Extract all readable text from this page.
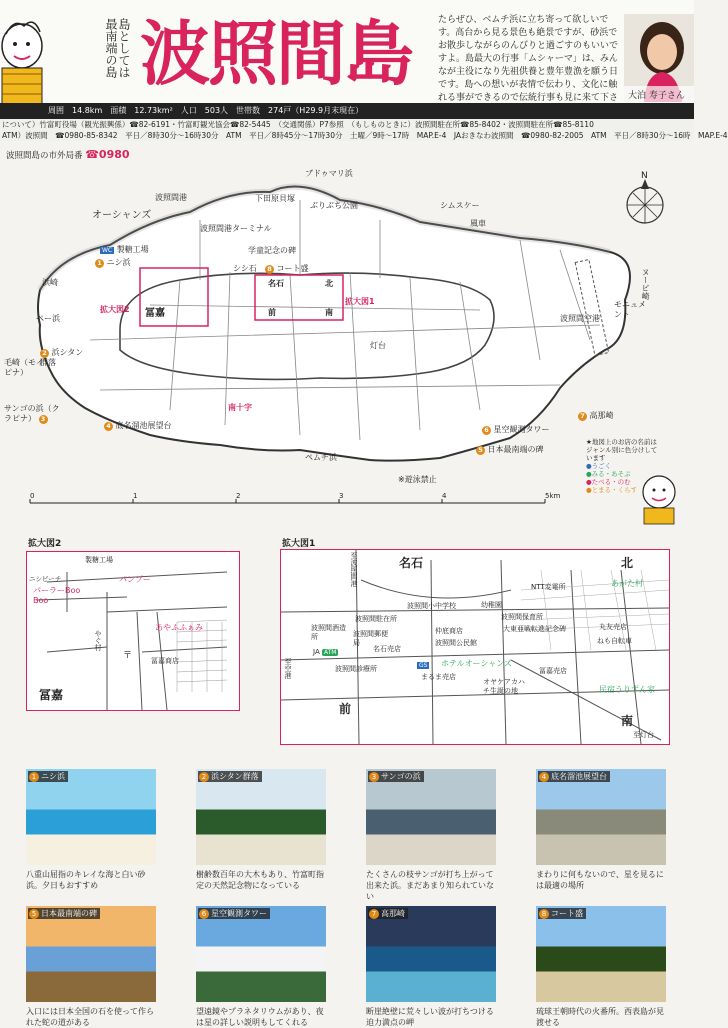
島としては最南端の島 波照間島	たらぜひ、ベムチ浜に立ち寄って欲しいです。高台から見る景色も絶景ですが、砂浜でお散歩しながらのんびりと過ごすのもいいですよ。島最大の行事「ムシャーマ」は、みんなが主役になり先祖供養と豊年豊漁を願う日です。島への想いが表情で伝わり、文化に触れる事ができるので伝統行事も見に来て下さ	大泊 寿子さん
周囲　14.8km　面積　12.73km²　人口　503人　世帯数　274戸（H29.9月末現在）
について）竹富町役場（観光振興係）☎82-6191・竹富町観光協会☎82-5445　（交通関係）P7参照　（もしものときに）波照間駐在所☎85-8402・波照間駐在所☎85-8110
ATM）波照間　☎0980-85-8342　平日／8時30分～16時30分　ATM　平日／8時45分～17時30分　土曜／9時～17時　MAP.E-4　JAおきなわ波照間　☎0980-82-2005　ATM　平日／8時30分～16時　MAP.E-4
波照間島の市外局番 ☎0980
N
ブドゥマリ浜
波照間港
オーシャンズ
下田原貝塚
ぶりぶち公園	シムスケー
風車
波照間港ターミナル
WC 製糖工場
1 ニシ浜
浜崎
学童記念の碑
シシ石	8 コート盛	ヌービ崎
拡大図2 冨嘉
名石	北
拡大図1
前	南
波照間空港
ペー浜
2 浜シタン群落
毛崎（モイピナ）
灯台
モニュメント
サンゴの浜（クラピナ） 3
4 底名溜池展望台
南十字
7 高那崎
6 星空観測タワー
5 日本最南端の碑
ペムチ浜
※遊泳禁止
★地図上のお店の名前はジャンル別に色分けしています
●うごく
●みる・あそぶ
●たべる・のむ
●とまる・くらす
0	1	2	3	4	5km
拡大図2
製糖工場
ニシビーチ
パーラーBoo Boo
パンプー
あやふふぁみ
冨嘉商店
やぐ村
〒
冨嘉
拡大図1
名石	北
前
南
至灯台
至波照間港
至空港
NTT変電所	あがた村
波照間小中学校	幼稚園
波照間保育所
波照間駐在所
大東亜戦転進記念碑	丸友売店
ねも自転車
波照間酒造所	波照間郵便局
仲底商店
波照間公民館
名石売店
JA ATM
波照間診療所
まるま売店
GS ホテルオーシャンズ
オヤケアカハチ生誕の地
冨嘉売店
民宿うりずん家
1 ニシ浜
八重山屈指のキレイな海と白い砂浜。夕日もおすすめ
2 浜シタン群落
樹齢数百年の大木もあり、竹富町指定の天然記念物になっている
3 サンゴの浜
たくさんの枝サンゴが打ち上がって出来た浜。まだあまり知られていない
4 底名溜池展望台
まわりに何もないので、星を見るには最適の場所
5 日本最南端の碑
入口には日本全国の石を使って作られた蛇の道がある
6 星空観測タワー
望遠鏡やプラネタリウムがあり、夜は星の詳しい説明もしてくれる
7 高那崎
断崖絶壁に荒々しい波が打ちつける迫力満点の岬
8 コート盛
琉球王朝時代の火番所。西表島が見渡せる
